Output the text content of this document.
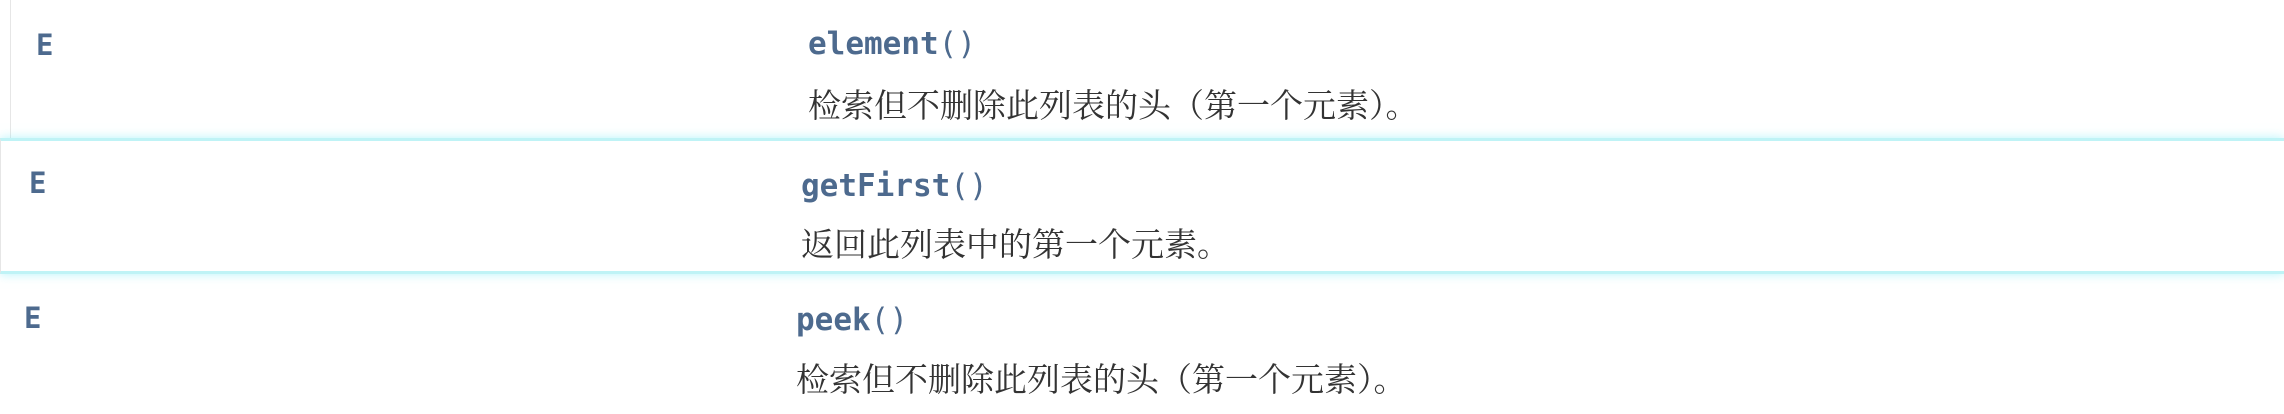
E	element()
检索但不删除此列表的头（第一个元素）。
E	getFirst()
返回此列表中的第一个元素。
E	peek()
检索但不删除此列表的头（第一个元素）。
